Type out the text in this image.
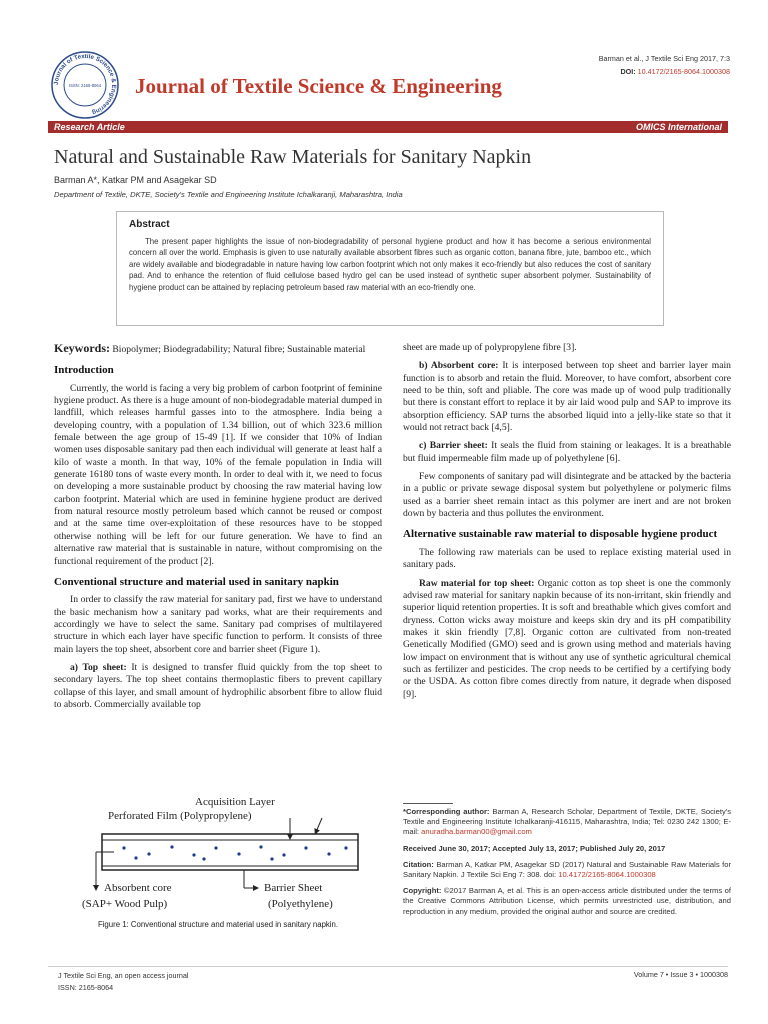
Journal of Textile Science & Engineering
ISSN: 2165-8064 Journal of Textile Science & Engineering
Barman et al., J Textile Sci Eng 2017, 7:3
DOI: 10.4172/2165-8064.1000308
Research Article	OMICS International
Natural and Sustainable Raw Materials for Sanitary Napkin
Barman A*, Katkar PM and Asagekar SD
Department of Textile, DKTE, Society's Textile and Engineering Institute Ichalkaranji, Maharashtra, India
Abstract
The present paper highlights the issue of non-biodegradability of personal hygiene product and how it has become a serious environmental concern all over the world. Emphasis is given to use naturally available absorbent fibres such as organic cotton, banana fibre, jute, bamboo etc., which are widely available and biodegradable in nature having low carbon footprint which not only makes it eco-friendly but also reduces the cost of sanitary pad. And to enhance the retention of fluid cellulose based hydro gel can be used instead of synthetic super absorbent polymer. Sustainability of hygiene product can be attained by replacing petroleum based raw material with an eco-friendly one.

Keywords: Biopolymer; Biodegradability; Natural fibre; Sustainable material

Introduction

Currently, the world is facing a very big problem of carbon footprint of feminine hygiene product. As there is a huge amount of non-biodegradable material dumped in landfill, which releases harmful gasses into to the atmosphere. India being a developing country, with a population of 1.34 billion, out of which 323.6 million female between the age group of 15-49 [1]. If we consider that 10% of Indian women uses disposable sanitary pad then each individual will generate at least half a kilo of waste a month. In that way, 10% of the female population in India will generate 16180 tons of waste every month. In order to deal with it, we need to focus on developing a more sustainable product by choosing the raw material having low carbon footprint. Material which are used in feminine hygiene product are derived from natural resource mostly petroleum based which cannot be reused or compost and at the same time over-exploitation of these resources have to be stopped otherwise nothing will be left for our future generation. We have to find an alternative raw material that is sustainable in nature, without compromising on the functional requirement of the product [2].

Conventional structure and material used in sanitary napkin

In order to classify the raw material for sanitary pad, first we have to understand the basic mechanism how a sanitary pad works, what are their requirements and accordingly we have to select the same. Sanitary pad comprises of multilayered structure in which each layer have specific function to perform. It consists of three main layers the top sheet, absorbent core and barrier sheet (Figure 1).

a) Top sheet: It is designed to transfer fluid quickly from the top sheet to secondary layers. The top sheet contains thermoplastic fibers to prevent capillary collapse of this layer, and small amount of hydrophilic absorbent fibre to allow fluid to absorb. Commercially available top

Acquisition Layer
Perforated Film (Polypropylene)
Absorbent core
(SAP+ Wood Pulp)
Barrier Sheet
(Polyethylene)
Figure 1: Conventional structure and material used in sanitary napkin.

sheet are made up of polypropylene fibre [3].

b) Absorbent core: It is interposed between top sheet and barrier layer main function is to absorb and retain the fluid. Moreover, to have comfort, absorbent core need to be thin, soft and pliable. The core was made up of wood pulp traditionally but there is constant effort to replace it by air laid wood pulp and SAP to improve its absorption efficiency. SAP turns the absorbed liquid into a jelly-like state so that it would not retract back [4,5].

c) Barrier sheet: It seals the fluid from staining or leakages. It is a breathable but fluid impermeable film made up of polyethylene [6].

Few components of sanitary pad will disintegrate and be attacked by the bacteria in a public or private sewage disposal system but polyethylene or polymeric films used as a barrier sheet remain intact as this polymer are inert and are not broken down by bacteria and thus pollutes the environment.

Alternative sustainable raw material to disposable hygiene product

The following raw materials can be used to replace existing material used in sanitary pads.

Raw material for top sheet: Organic cotton as top sheet is one the commonly advised raw material for sanitary napkin because of its non-irritant, skin friendly and superior liquid retention properties. It is soft and breathable which gives comfort and dryness. Cotton wicks away moisture and keeps skin dry and its pH compatibility makes it skin friendly [7,8]. Organic cotton are cultivated from non-treated Genetically Modified (GMO) seed and is grown using method and materials having low impact on environment that is without any use of synthetic agricultural chemical such as fertilizer and pesticides. The crop needs to be certified by a certifying body or the USDA. As cotton fibre comes directly from nature, it degrade when disposed [9].

*Corresponding author: Barman A, Research Scholar, Department of Textile, DKTE, Society's Textile and Engineering Institute Ichalkaranji-416115, Maharashtra, India; Tel: 0230 242 1300; E-mail: anuradha.barman00@gmail.com

Received June 30, 2017; Accepted July 13, 2017; Published July 20, 2017

Citation: Barman A, Katkar PM, Asagekar SD (2017) Natural and Sustainable Raw Materials for Sanitary Napkin. J Textile Sci Eng 7: 308. doi: 10.4172/2165-8064.1000308

Copyright: ©2017 Barman A, et al. This is an open-access article distributed under the terms of the Creative Commons Attribution License, which permits unrestricted use, distribution, and reproduction in any medium, provided the original author and source are credited.

J Textile Sci Eng, an open access journal
ISSN: 2165-8064
Volume 7 • Issue 3 • 1000308
